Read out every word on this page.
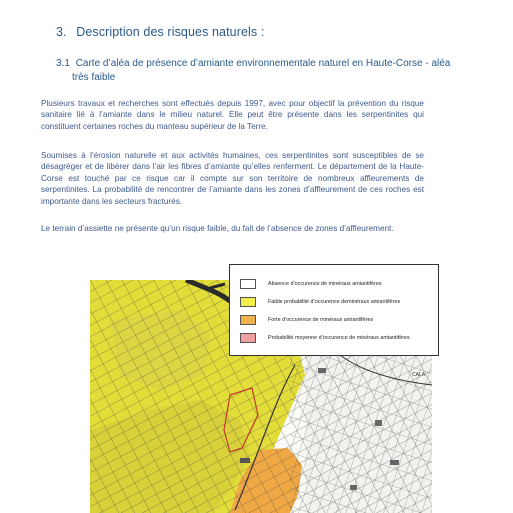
3. Description des risques naturels :
3.1 Carte d’aléa de présence d’amiante environnementale naturel en Haute-Corse - aléa
très faible

Plusieurs travaux et recherches sont effectués depuis 1997, avec pour objectif la prévention du risque sanitaire lié à l’amiante dans le milieu naturel. Elle peut être présente dans les serpentinites qui constituent certaines roches du manteau supérieur de la Terre.

Soumises à l’érosion naturelle et aux activités humaines, ces serpentinites sont susceptibles de se désagréger et de libérer dans l’air les fibres d’amiante qu’elles renferment. Le département de la Haute-Corse est touché par ce risque car il compte sur son territoire de nombreux affleurements de serpentinites. La probabilité de rencontrer de l’amiante dans les zones d’affleurement de ces roches est importante dans les secteurs fracturés.

Le terrain d’assiette ne présente qu’un risque faible, du fait de l’absence de zones d’affleurement.

CALA
Absence d’occurence de minéraux amiantifères
Faible probabilité d’occurence deminéraux amiantifères
Forte d’occurence de minéraux amiantifères
Probabilité moyenne d’occurence de minéraux amiantifères
